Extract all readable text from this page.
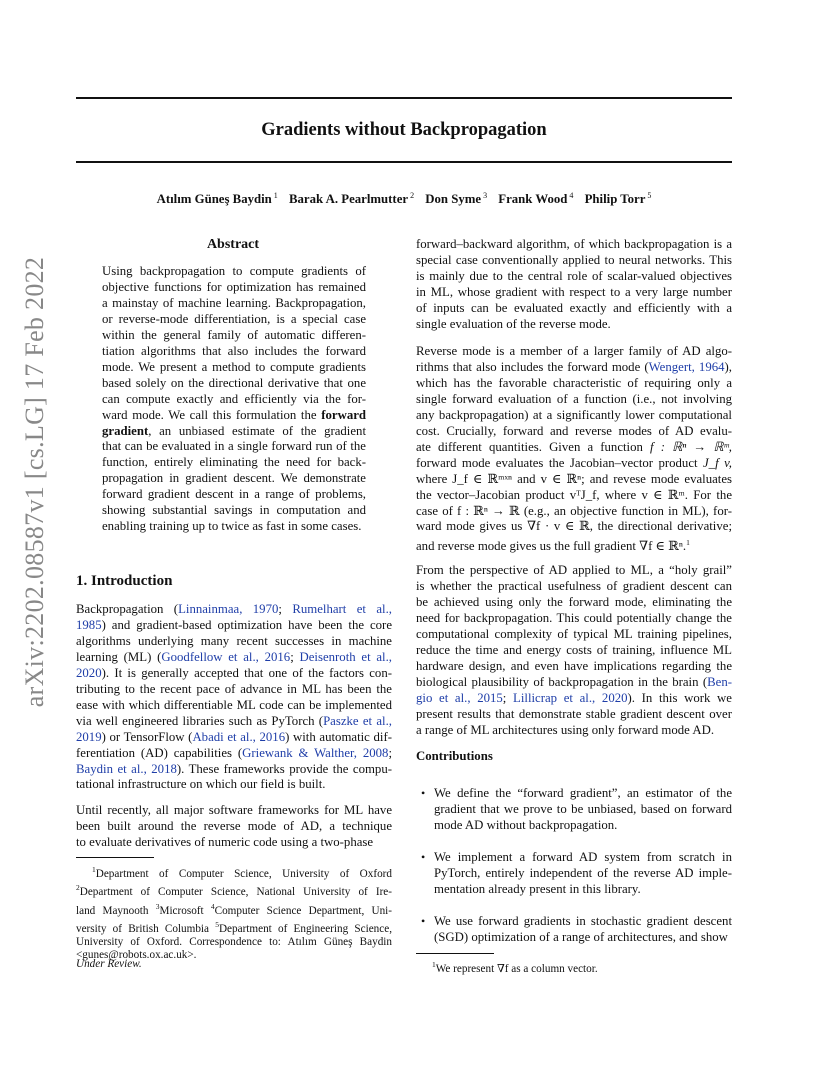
Gradients without Backpropagation
Atılım Güneş Baydin $^1$ Barak A. Pearlmutter $^2$ Don Syme $^3$ Frank Wood $^4$ Philip Torr $^5$
arXiv:2202.08587v1 [cs.LG] 17 Feb 2022
Abstract
Using backpropagation to compute gradients of
objective functions for optimization has remained
a mainstay of machine learning. Backpropagation,
or reverse-mode differentiation, is a special case
within the general family of automatic differen-
tiation algorithms that also includes the forward
mode. We present a method to compute gradients
based solely on the directional derivative that one
can compute exactly and efficiently via the for-
ward mode. We call this formulation the forward
gradient, an unbiased estimate of the gradient
that can be evaluated in a single forward run of the
function, entirely eliminating the need for back-
propagation in gradient descent. We demonstrate
forward gradient descent in a range of problems,
showing substantial savings in computation and
enabling training up to twice as fast in some cases.
1. Introduction
Backpropagation (Linnainmaa, 1970; Rumelhart et al.,
1985) and gradient-based optimization have been the core
algorithms underlying many recent successes in machine
learning (ML) (Goodfellow et al., 2016; Deisenroth et al.,
2020). It is generally accepted that one of the factors con-
tributing to the recent pace of advance in ML has been the
ease with which differentiable ML code can be implemented
via well engineered libraries such as PyTorch (Paszke et al.,
2019) or TensorFlow (Abadi et al., 2016) with automatic dif-
ferentiation (AD) capabilities (Griewank & Walther, 2008;
Baydin et al., 2018). These frameworks provide the compu-
tational infrastructure on which our field is built.
Until recently, all major software frameworks for ML have
been built around the reverse mode of AD, a technique
to evaluate derivatives of numeric code using a two-phase
$^1$Department of Computer Science, University of Oxford
$^2$Department of Computer Science, National University of Ire-
land Maynooth $^3$Microsoft $^4$Computer Science Department, Uni-
versity of British Columbia $^5$Department of Engineering Science,
University of Oxford. Correspondence to: Atılım Güneş Baydin
<gunes@robots.ox.ac.uk>.
Under Review.
forward–backward algorithm, of which backpropagation is a
special case conventionally applied to neural networks. This
is mainly due to the central role of scalar-valued objectives
in ML, whose gradient with respect to a very large number
of inputs can be evaluated exactly and efficiently with a
single evaluation of the reverse mode.
Reverse mode is a member of a larger family of AD algo-
rithms that also includes the forward mode (Wengert, 1964),
which has the favorable characteristic of requiring only a
single forward evaluation of a function (i.e., not involving
any backpropagation) at a significantly lower computational
cost. Crucially, forward and reverse modes of AD evalu-
ate different quantities. Given a function f : ℝⁿ → ℝᵐ,
forward mode evaluates the Jacobian–vector product J_f v,
where J_f ∈ ℝᵐˣⁿ and v ∈ ℝⁿ; and revese mode evaluates
the vector–Jacobian product vᵀJ_f, where v ∈ ℝᵐ. For the
case of f : ℝⁿ → ℝ (e.g., an objective function in ML), for-
ward mode gives us ∇f · v ∈ ℝ, the directional derivative;
and reverse mode gives us the full gradient ∇f ∈ ℝⁿ.$^1$
From the perspective of AD applied to ML, a “holy grail”
is whether the practical usefulness of gradient descent can
be achieved using only the forward mode, eliminating the
need for backpropagation. This could potentially change the
computational complexity of typical ML training pipelines,
reduce the time and energy costs of training, influence ML
hardware design, and even have implications regarding the
biological plausibility of backpropagation in the brain (Ben-
gio et al., 2015; Lillicrap et al., 2020). In this work we
present results that demonstrate stable gradient descent over
a range of ML architectures using only forward mode AD.
Contributions
• We define the “forward gradient”, an estimator of the
gradient that we prove to be unbiased, based on forward
mode AD without backpropagation.
• We implement a forward AD system from scratch in
PyTorch, entirely independent of the reverse AD imple-
mentation already present in this library.
• We use forward gradients in stochastic gradient descent
(SGD) optimization of a range of architectures, and show
$^1$We represent ∇f as a column vector.
